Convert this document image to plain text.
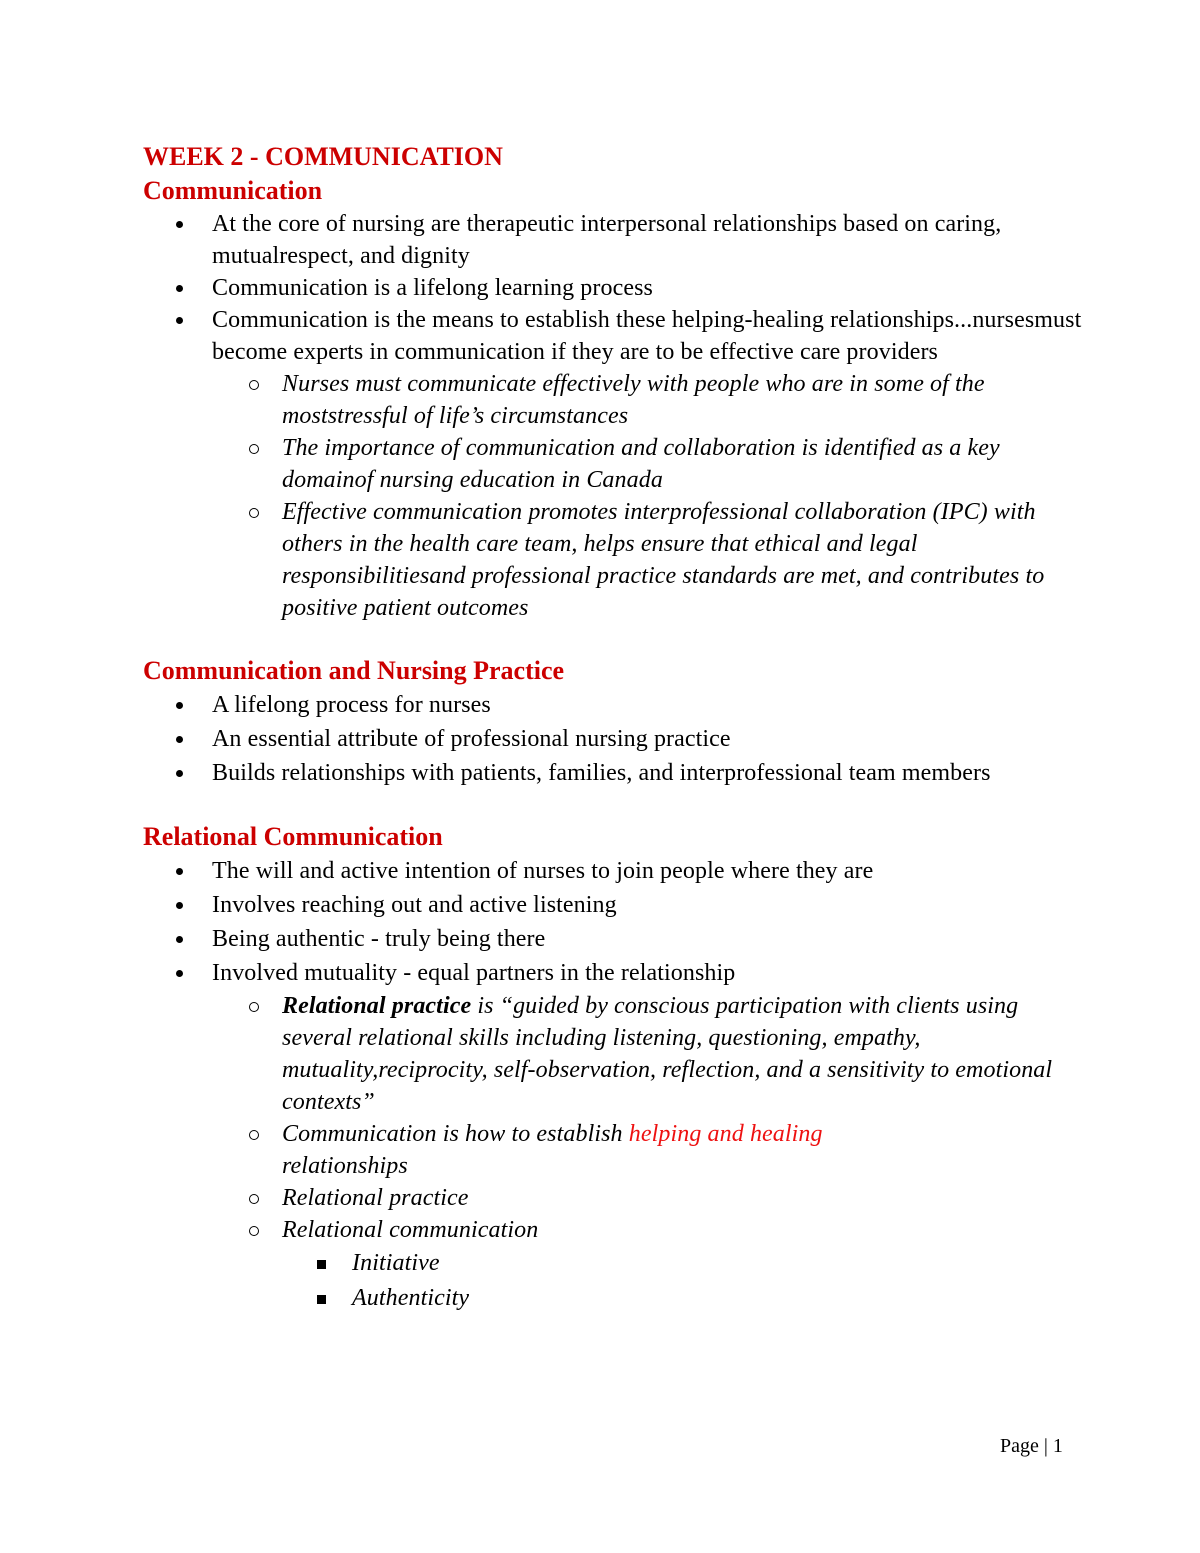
WEEK 2 - COMMUNICATION
Communication
At the core of nursing are therapeutic interpersonal relationships based on caring, mutualrespect, and dignity
Communication is a lifelong learning process
Communication is the means to establish these helping-healing relationships...nursesmust become experts in communication if they are to be effective care providers
Nurses must communicate effectively with people who are in some of the moststressful of life’s circumstances
The importance of communication and collaboration is identified as a key domainof nursing education in Canada
Effective communication promotes interprofessional collaboration (IPC) with others in the health care team, helps ensure that ethical and legal responsibilitiesand professional practice standards are met, and contributes to positive patient outcomes
Communication and Nursing Practice
A lifelong process for nurses
An essential attribute of professional nursing practice
Builds relationships with patients, families, and interprofessional team members
Relational Communication
The will and active intention of nurses to join people where they are
Involves reaching out and active listening
Being authentic - truly being there
Involved mutuality - equal partners in the relationship
Relational practice is “guided by conscious participation with clients using several relational skills including listening, questioning, empathy, mutuality,reciprocity, self-observation, reflection, and a sensitivity to emotional
contexts”
Communication is how to establish helping and healing
relationships
Relational practice
Relational communication
Initiative
Authenticity
Page | 1
